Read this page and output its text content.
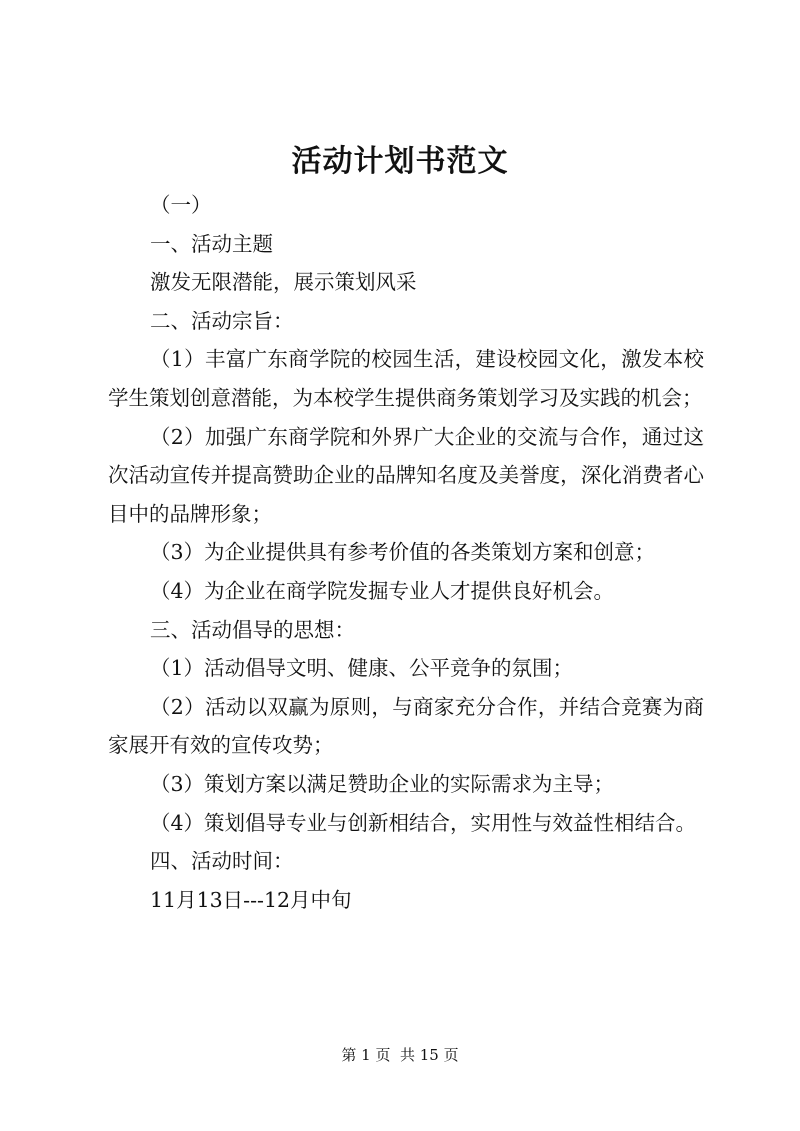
活动计划书范文

（一）

一、活动主题

激发无限潜能，展示策划风采

二、活动宗旨：

（1）丰富广东商学院的校园生活，建设校园文化，激发本校学生策划创意潜能，为本校学生提供商务策划学习及实践的机会；

（2）加强广东商学院和外界广大企业的交流与合作，通过这次活动宣传并提高赞助企业的品牌知名度及美誉度，深化消费者心目中的品牌形象；

（3）为企业提供具有参考价值的各类策划方案和创意；

（4）为企业在商学院发掘专业人才提供良好机会。

三、活动倡导的思想：

（1）活动倡导文明、健康、公平竞争的氛围；

（2）活动以双赢为原则，与商家充分合作，并结合竞赛为商家展开有效的宣传攻势；

（3）策划方案以满足赞助企业的实际需求为主导；

（4）策划倡导专业与创新相结合，实用性与效益性相结合。

四、活动时间：

11月13日---12月中旬

第 1 页  共 15 页
